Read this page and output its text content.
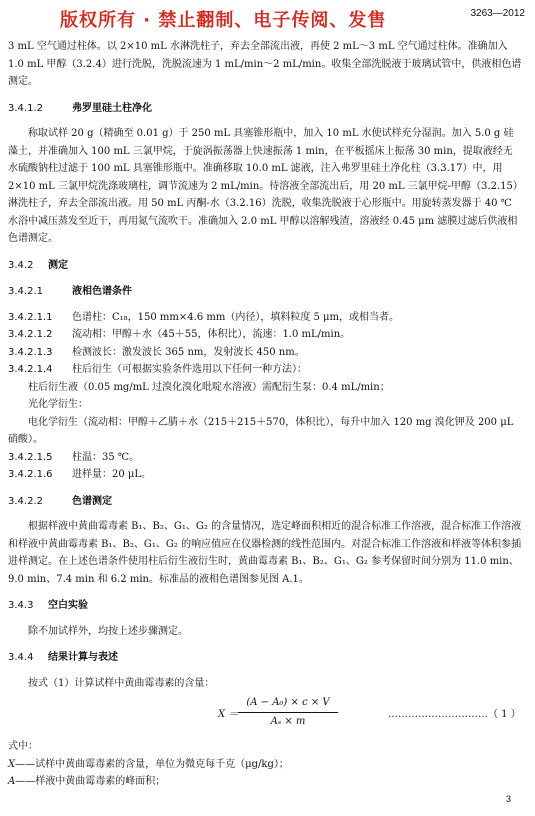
版权所有 · 禁止翻制、电子传阅、发售	3263—2012

3 mL 空气通过柱体。以 2×10 mL 水淋洗柱子，弃去全部流出液，再使 2 mL～3 mL 空气通过柱体。准确加入 1.0 mL 甲醇（3.2.4）进行洗脱，洗脱流速为 1 mL/min～2 mL/min。收集全部洗脱液于玻璃试管中，供液相色谱测定。

3.4.1.2	弗罗里硅土柱净化

称取试样 20 g（精确至 0.01 g）于 250 mL 具塞锥形瓶中，加入 10 mL 水使试样充分湿润。加入 5.0 g 硅藻土，并准确加入 100 mL 三氯甲烷，于旋涡振荡器上快速振荡 1 min，在平板摇床上振荡 30 min，提取液经无水硫酸钠柱过滤于 100 mL 具塞锥形瓶中。准确移取 10.0 mL 滤液，注入弗罗里硅土净化柱（3.3.17）中，用 2×10 mL 三氯甲烷洗涤玻璃柱，调节流速为 2 mL/min。待溶液全部流出后，用 20 mL 三氯甲烷-甲醇（3.2.15）淋洗柱子，弃去全部流出液。用 50 mL 丙酮-水（3.2.16）洗脱，收集洗脱液于心形瓶中。用旋转蒸发器于 40 ℃ 水浴中减压蒸发至近干，再用氮气流吹干。准确加入 2.0 mL 甲醇以溶解残渣，溶液经 0.45 μm 滤膜过滤后供液相色谱测定。

3.4.2 测定
3.4.2.1	液相色谱条件
3.4.2.1.1	色谱柱：C₁₈，150 mm×4.6 mm（内径），填料粒度 5 μm，或相当者。
3.4.2.1.2	流动相：甲醇＋水（45＋55，体积比），流速：1.0 mL/min。
3.4.2.1.3	检测波长：激发波长 365 nm，发射波长 450 nm。
3.4.2.1.4	柱后衍生（可根据实验条件选用以下任何一种方法）：

柱后衍生液（0.05 mg/mL 过溴化溴化吡啶水溶液）需配衍生泵：0.4 mL/min；

光化学衍生：

电化学衍生（流动相：甲醇＋乙腈＋水（215＋215＋570，体积比），每升中加入 120 mg 溴化钾及 200 μL 硝酸）。

3.4.2.1.5	柱温：35 ℃。
3.4.2.1.6	进样量：20 μL。
3.4.2.2	色谱测定

根据样液中黄曲霉毒素 B₁、B₂、G₁、G₂ 的含量情况，选定峰面积相近的混合标准工作溶液，混合标准工作溶液和样液中黄曲霉毒素 B₁、B₂、G₁、G₂ 的响应值应在仪器检测的线性范围内。对混合标准工作溶液和样液等体积参插进样测定。在上述色谱条件使用柱后衍生液衍生时，黄曲霉毒素 B₁、B₂、G₁、G₂ 参考保留时间分别为 11.0 min、9.0 min、7.4 min 和 6.2 min。标准品的液相色谱图参见图 A.1。

3.4.3 空白实验

除不加试样外，均按上述步骤测定。

3.4.4 结果计算与表述

按式（1）计算试样中黄曲霉毒素的含量：

$X = \frac{\text{(A − A₀) × c × V}}{\text{Aₛ × m}}$	…………………………（ 1 ）

式中：

X ——试样中黄曲霉毒素的含量，单位为微克每千克（μg/kg）；
A ——样液中黄曲霉毒素的峰面积；
3
